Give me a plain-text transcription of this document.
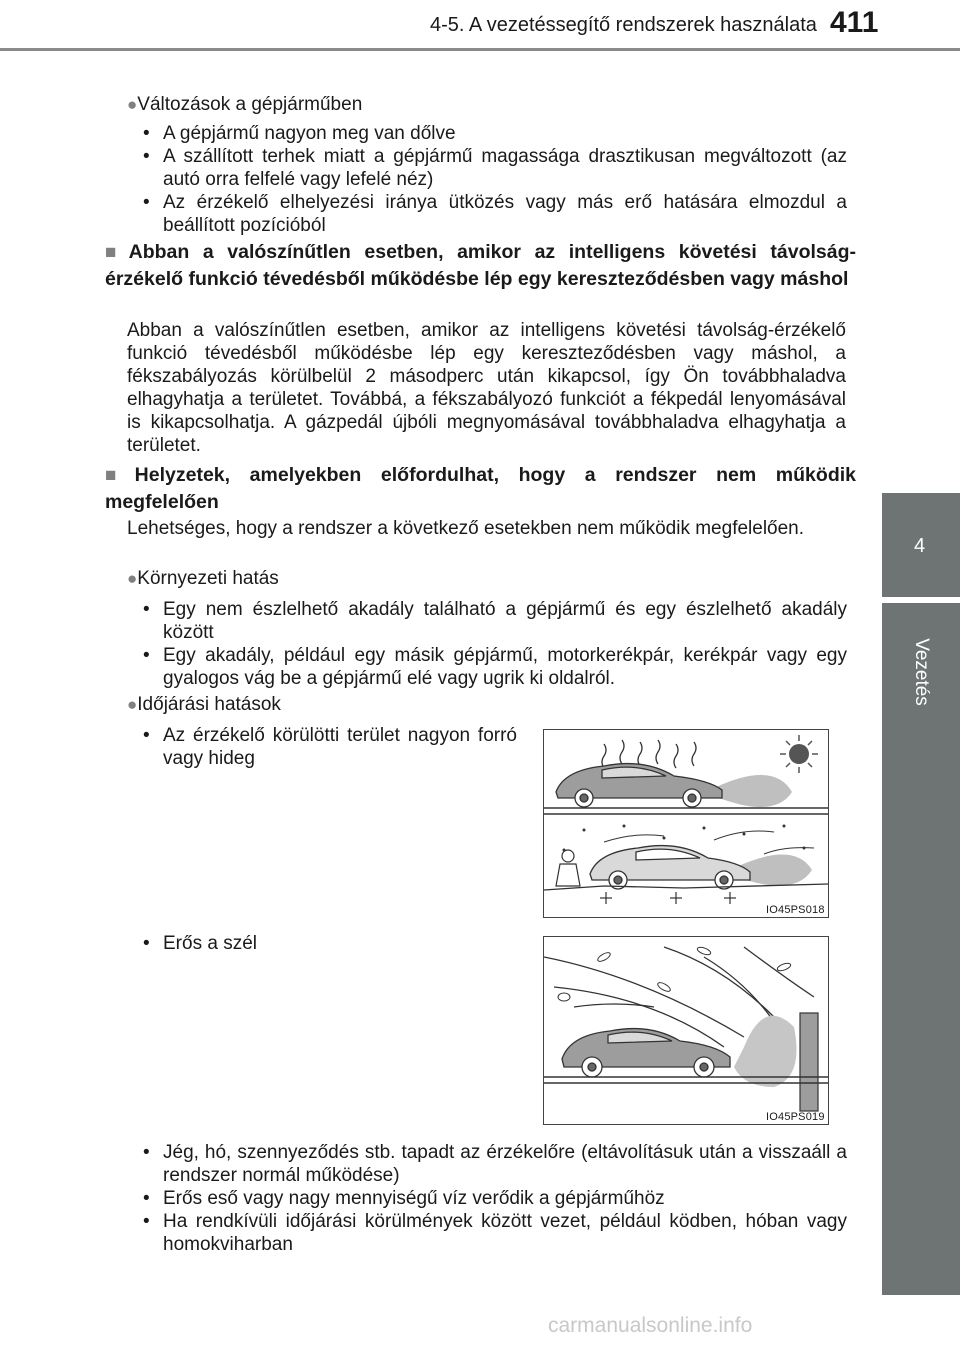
4-5. A vezetéssegítő rendszerek használata 411
4
Vezetés
●Változások a gépjárműben
• A gépjármű nagyon meg van dőlve
• A szállított terhek miatt a gépjármű magassága drasztikusan megváltozott (az autó orra felfelé vagy lefelé néz)
• Az érzékelő elhelyezési iránya ütközés vagy más erő hatására elmozdul a beállított pozícióból
■ Abban a valószínűtlen esetben, amikor az intelligens követési távolság-érzékelő funkció tévedésből működésbe lép egy kereszteződésben vagy máshol
Abban a valószínűtlen esetben, amikor az intelligens követési távolság-érzékelő funkció tévedésből működésbe lép egy kereszteződésben vagy máshol, a fékszabályozás körülbelül 2 másodperc után kikapcsol, így Ön továbbhaladva elhagyhatja a területet. Továbbá, a fékszabályozó funkciót a fékpedál lenyomásával is kikapcsolhatja. A gázpedál újbóli megnyomásával továbbhaladva elhagyhatja a területet.
■ Helyzetek, amelyekben előfordulhat, hogy a rendszer nem működik megfelelően
Lehetséges, hogy a rendszer a következő esetekben nem működik megfelelően.
●Környezeti hatás
• Egy nem észlelhető akadály található a gépjármű és egy észlelhető akadály között
• Egy akadály, például egy másik gépjármű, motorkerékpár, kerékpár vagy egy gyalogos vág be a gépjármű elé vagy ugrik ki oldalról.
●Időjárási hatások
• Az érzékelő körülötti terület nagyon forró vagy hideg
• Erős a szél
• Jég, hó, szennyeződés stb. tapadt az érzékelőre (eltávolításuk után a visszaáll a rendszer normál működése)
• Erős eső vagy nagy mennyiségű víz verődik a gépjárműhöz
• Ha rendkívüli időjárási körülmények között vezet, például ködben, hóban vagy homokviharban
IO45PS018
IO45PS019
carmanualsonline.info
